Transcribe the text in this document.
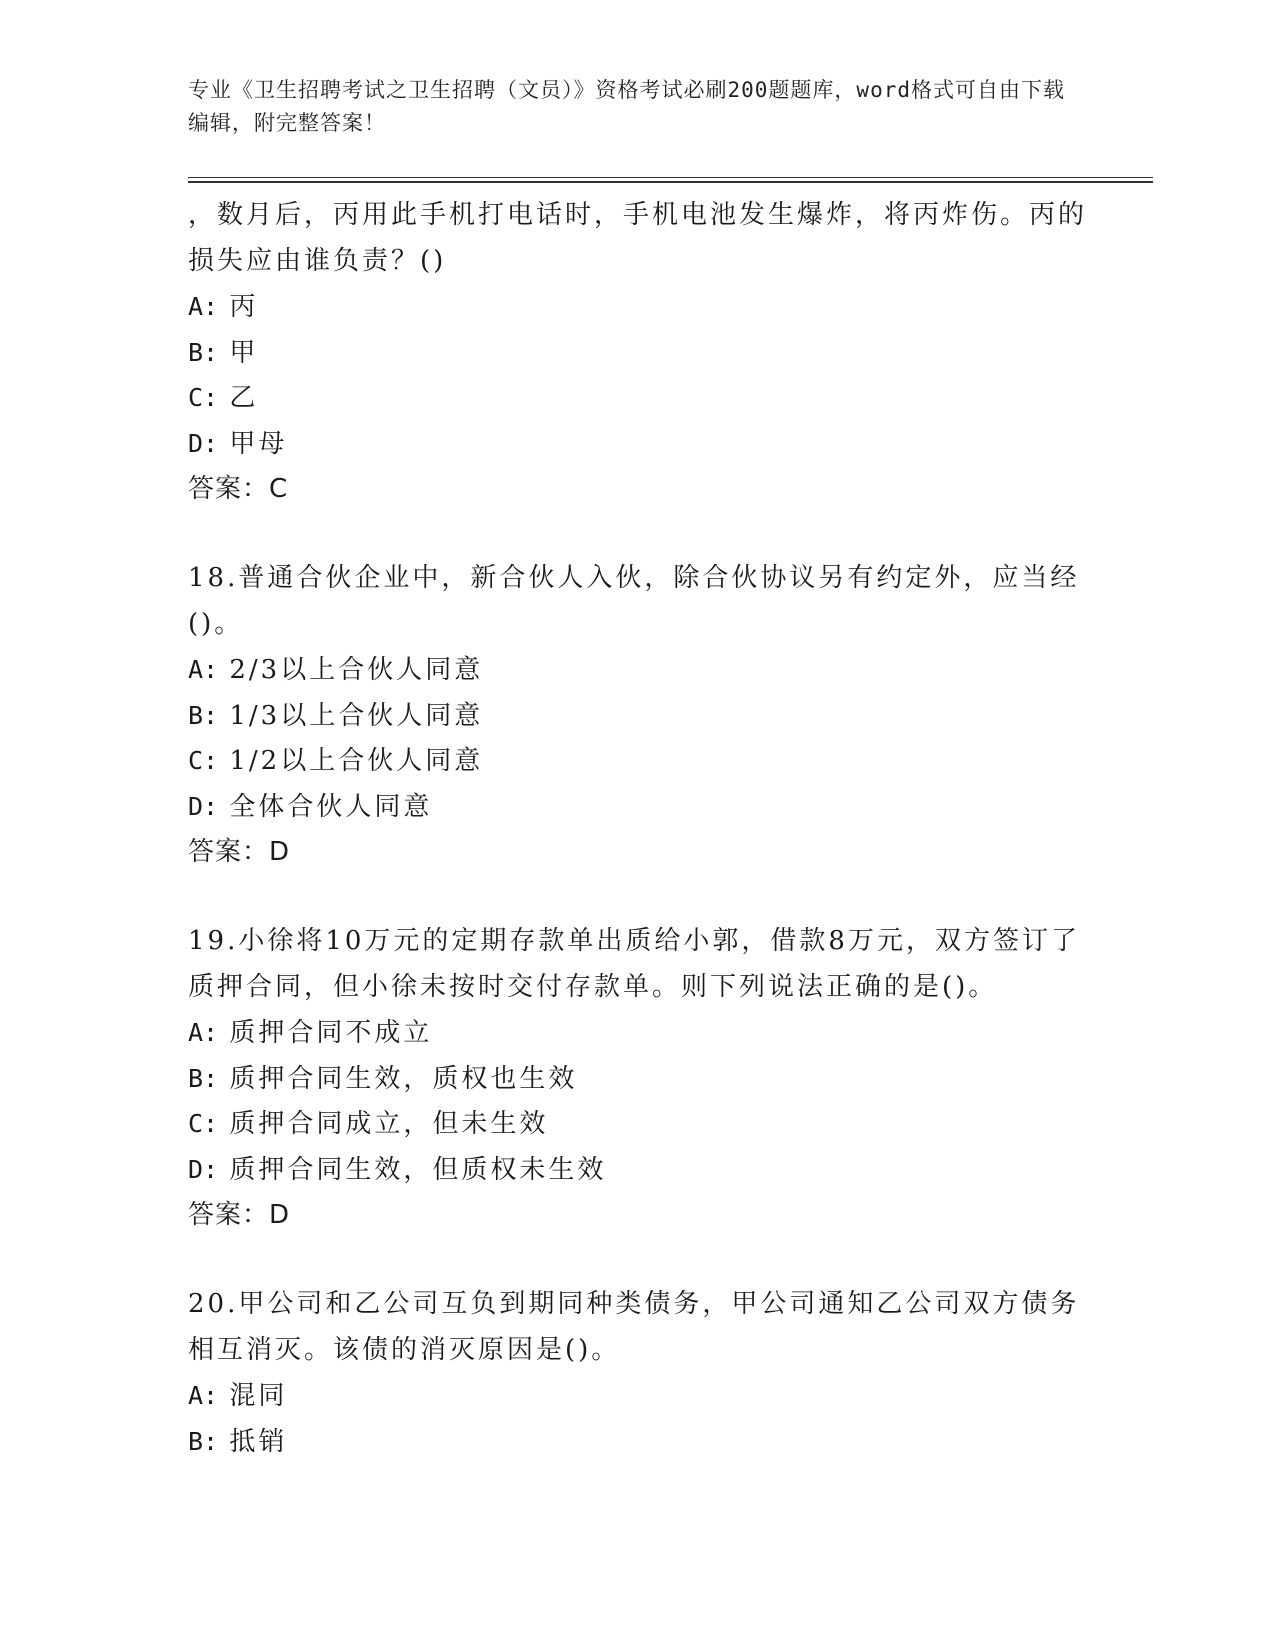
专业《卫生招聘考试之卫生招聘（文员）》资格考试必刷200题题库，word格式可自由下载编辑，附完整答案！

，数月后，丙用此手机打电话时，手机电池发生爆炸，将丙炸伤。丙的损失应由谁负责？()

A: 丙

B: 甲

C: 乙

D: 甲母

答案：C

18.普通合伙企业中，新合伙人入伙，除合伙协议另有约定外，应当经()。

A: 2/3以上合伙人同意

B: 1/3以上合伙人同意

C: 1/2以上合伙人同意

D: 全体合伙人同意

答案：D

19.小徐将10万元的定期存款单出质给小郭，借款8万元，双方签订了质押合同，但小徐未按时交付存款单。则下列说法正确的是()。

A: 质押合同不成立

B: 质押合同生效，质权也生效

C: 质押合同成立，但未生效

D: 质押合同生效，但质权未生效

答案：D

20.甲公司和乙公司互负到期同种类债务，甲公司通知乙公司双方债务相互消灭。该债的消灭原因是()。

A: 混同

B: 抵销
